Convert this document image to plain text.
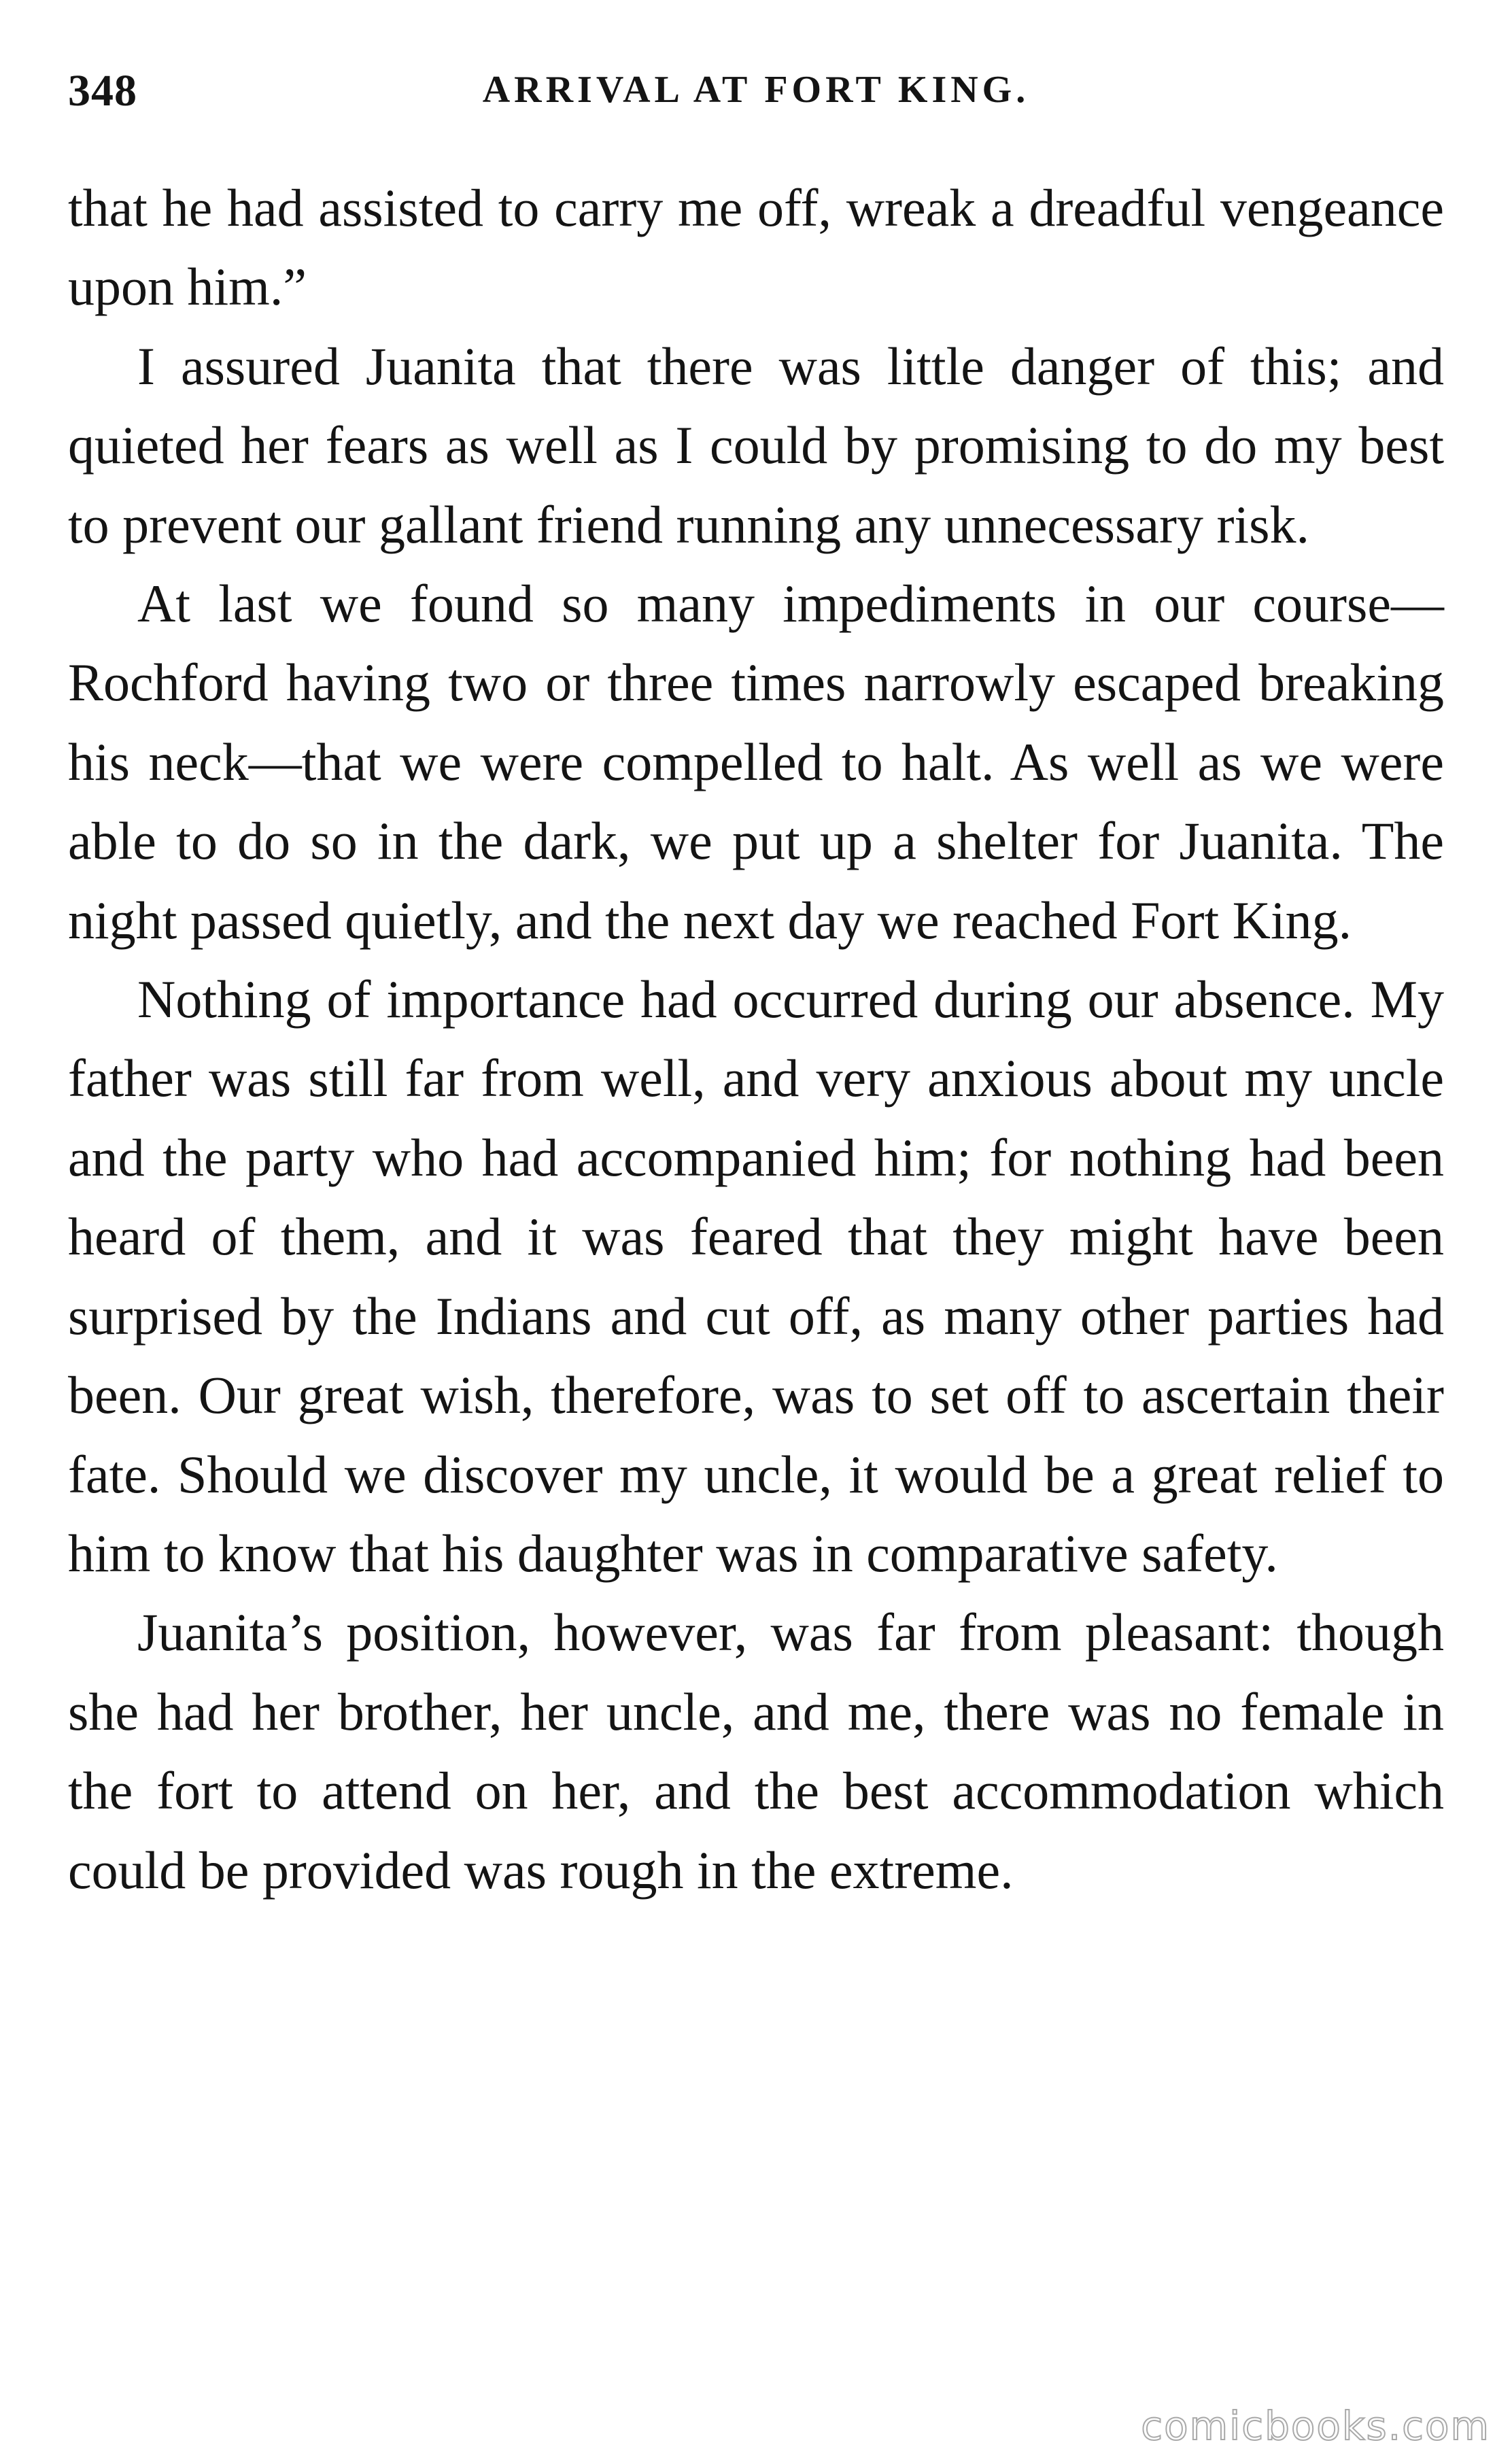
348	ARRIVAL AT FORT KING.

that he had assisted to carry me off, wreak a dreadful vengeance upon him.”

I assured Juanita that there was little danger of this; and quieted her fears as well as I could by promising to do my best to prevent our gallant friend running any unnecessary risk.

At last we found so many impediments in our course—Rochford having two or three times narrowly escaped breaking his neck—that we were compelled to halt. As well as we were able to do so in the dark, we put up a shelter for Juanita. The night passed quietly, and the next day we reached Fort King.

Nothing of importance had occurred during our absence. My father was still far from well, and very anxious about my uncle and the party who had accompanied him; for nothing had been heard of them, and it was feared that they might have been surprised by the Indians and cut off, as many other parties had been. Our great wish, therefore, was to set off to ascertain their fate. Should we discover my uncle, it would be a great relief to him to know that his daughter was in comparative safety.

Juanita’s position, however, was far from pleasant: though she had her brother, her uncle, and me, there was no female in the fort to attend on her, and the best accommodation which could be provided was rough in the extreme.

comicbooks.com
